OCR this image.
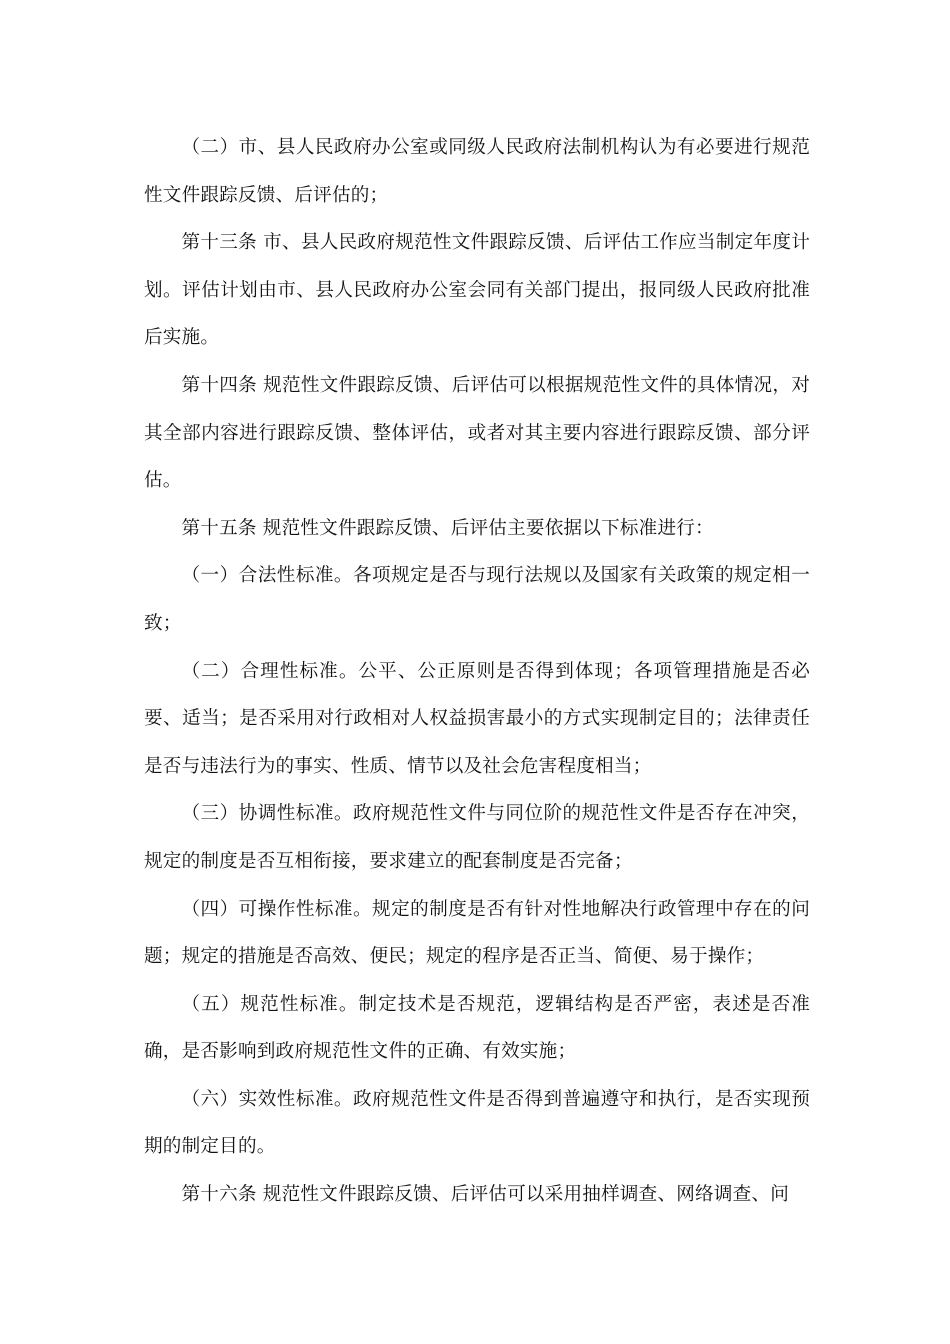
（二）市、县人民政府办公室或同级人民政府法制机构认为有必要进行规范性文件跟踪反馈、后评估的；

第十三条 市、县人民政府规范性文件跟踪反馈、后评估工作应当制定年度计划。评估计划由市、县人民政府办公室会同有关部门提出，报同级人民政府批准后实施。

第十四条 规范性文件跟踪反馈、后评估可以根据规范性文件的具体情况，对其全部内容进行跟踪反馈、整体评估，或者对其主要内容进行跟踪反馈、部分评估。

第十五条 规范性文件跟踪反馈、后评估主要依据以下标准进行：

（一）合法性标准。各项规定是否与现行法规以及国家有关政策的规定相一致；

（二）合理性标准。公平、公正原则是否得到体现；各项管理措施是否必要、适当；是否采用对行政相对人权益损害最小的方式实现制定目的；法律责任是否与违法行为的事实、性质、情节以及社会危害程度相当；

（三）协调性标准。政府规范性文件与同位阶的规范性文件是否存在冲突，规定的制度是否互相衔接，要求建立的配套制度是否完备；

（四）可操作性标准。规定的制度是否有针对性地解决行政管理中存在的问题；规定的措施是否高效、便民；规定的程序是否正当、简便、易于操作；

（五）规范性标准。制定技术是否规范，逻辑结构是否严密，表述是否准确，是否影响到政府规范性文件的正确、有效实施；

（六）实效性标准。政府规范性文件是否得到普遍遵守和执行，是否实现预期的制定目的。

第十六条 规范性文件跟踪反馈、后评估可以采用抽样调查、网络调查、问
